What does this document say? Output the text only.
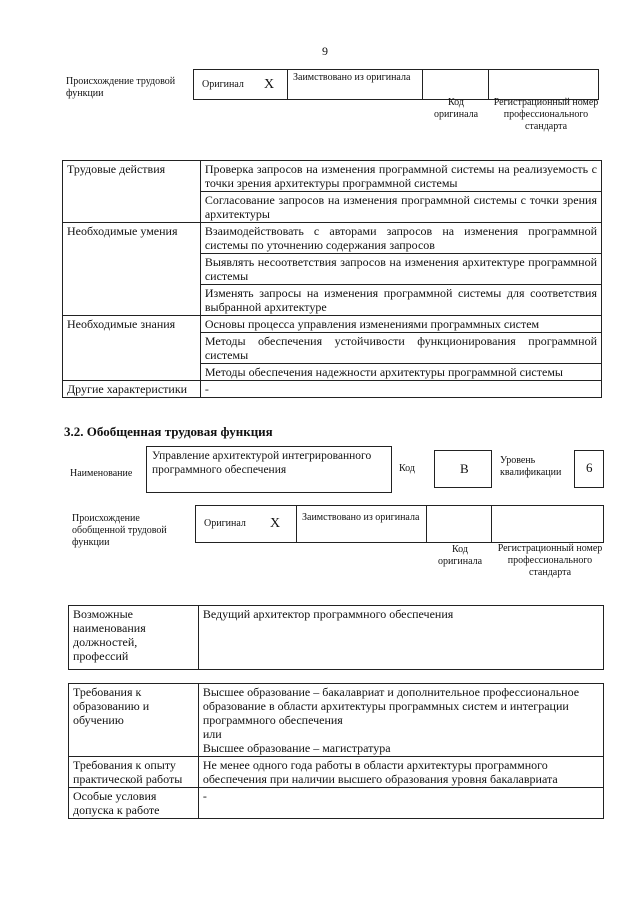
9
Происхождение трудовой функции
Оригинал X	Заимствовано из оригинала
Код оригинала
Регистрационный номер профессионального стандарта
Трудовые действия	Проверка запросов на изменения программной системы на реализуемость с точки зрения архитектуры программной системы
	Согласование запросов на изменения программной системы с точки зрения архитектуры
Необходимые умения	Взаимодействовать с авторами запросов на изменения программной системы по уточнению содержания запросов
	Выявлять несоответствия запросов на изменения архитектуре программной системы
	Изменять запросы на изменения программной системы для соответствия выбранной архитектуре
Необходимые знания	Основы процесса управления изменениями программных систем
	Методы обеспечения устойчивости функционирования программной системы
	Методы обеспечения надежности архитектуры программной системы
Другие характеристики	-
3.2. Обобщенная трудовая функция
Наименование
Управление архитектурой интегрированного программного обеспечения	Код	B
Уровень квалификации	6
Происхождение обобщенной трудовой функции
Оригинал X	Заимствовано из оригинала
Код оригинала
Регистрационный номер профессионального стандарта
Возможные наименования должностей, профессий	Ведущий архитектор программного обеспечения
Требования к образованию и обучению	Высшее образование – бакалавриат и дополнительное профессиональное образование в области архитектуры программных систем и интеграции программного обеспечения
или
Высшее образование – магистратура

Требования к опыту практической работы	Не менее одного года работы в области архитектуры программного обеспечения при наличии высшего образования уровня бакалавриата
Особые условия допуска к работе	-
